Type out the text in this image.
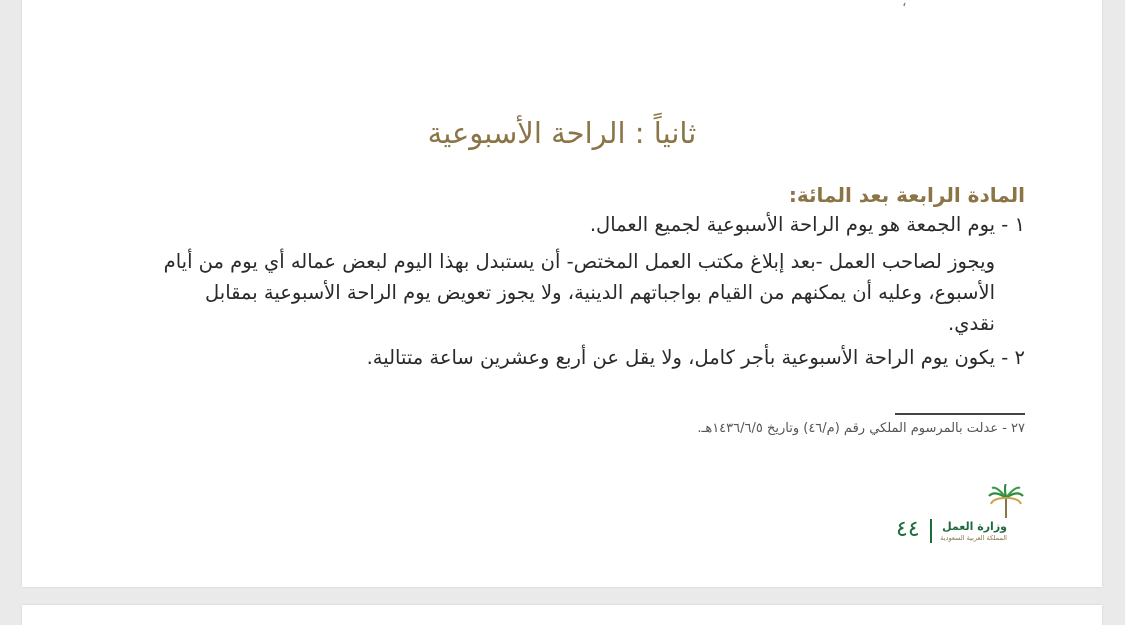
،
ثانياً : الراحة الأسبوعية
المادة الرابعة بعد المائة:
١ - يوم الجمعة هو يوم الراحة الأسبوعية لجميع العمال.
ويجوز لصاحب العمل -بعد إبلاغ مكتب العمل المختص- أن يستبدل بهذا اليوم لبعض عماله أي يوم من أيام
الأسبوع، وعليه أن يمكنهم من القيام بواجباتهم الدينية، ولا يجوز تعويض يوم الراحة الأسبوعية بمقابل
نقدي.
٢ - يكون يوم الراحة الأسبوعية بأجر كامل، ولا يقل عن أربع وعشرين ساعة متتالية.
٢٧ - عدلت بالمرسوم الملكي رقم (م/٤٦) وتاريخ ١٤٣٦/٦/٥هـ.
وزارة العمل
المملكة العربية السعودية
٤٤
